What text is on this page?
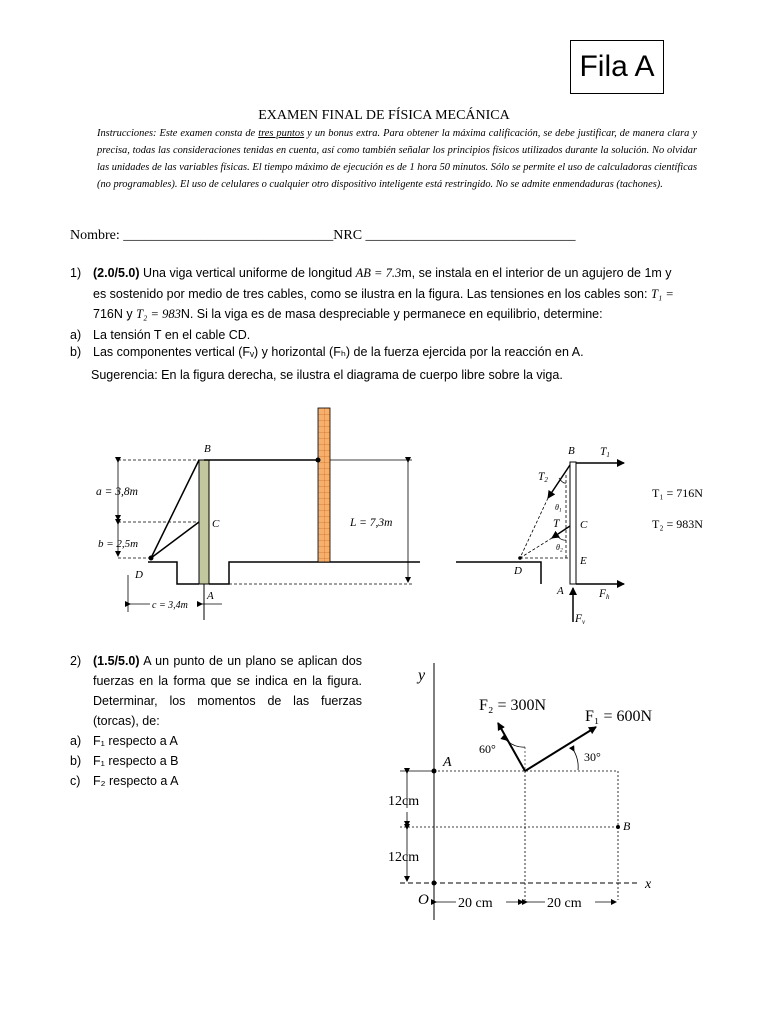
Fila A
EXAMEN FINAL DE FÍSICA MECÁNICA
Instrucciones: Este examen consta de tres puntos y un bonus extra. Para obtener la máxima calificación, se debe justificar, de manera clara y precisa, todas las consideraciones tenidas en cuenta, así como también señalar los principios físicos utilizados durante la solución. No olvidar las unidades de las variables físicas. El tiempo máximo de ejecución es de 1 hora 50 minutos. Sólo se permite el uso de calculadoras científicas (no programables). El uso de celulares o cualquier otro dispositivo inteligente está restringido. No se admite enmendaduras (tachones).
Nombre: ______________________________NRC ______________________________
1) (2.0/5.0) Una viga vertical uniforme de longitud AB = 7.3m, se instala en el interior de un agujero de 1m y
es sostenido por medio de tres cables, como se ilustra en la figura. Las tensiones en los cables son: T₁ =
716N y T₂ = 983N. Si la viga es de masa despreciable y permanece en equilibrio, determine:
a) La tensión T en el cable CD.
b) Las componentes vertical (Fᵥ) y horizontal (Fₕ) de la fuerza ejercida por la reacción en A.
Sugerencia: En la figura derecha, se ilustra el diagrama de cuerpo libre sobre la viga.
B
C
D
A
a = 3,8m
b = 2,5m
c = 3,4m
L = 7,3m
B T1
T2
θ1
T C
θ2
E
D
A	Fh
Fv
T₁ = 716N
T₂ = 983N
y
x
O
A
B
F₂ = 300N
F₁ = 600N
60°
30°
12cm
12cm
20 cm	20 cm
2) (1.5/5.0) A un punto de un plano se aplican dos fuerzas en la forma que se indica en la figura. Determinar, los momentos de las fuerzas (torcas), de:
a) F₁ respecto a A
b) F₁ respecto a B
c) F₂ respecto a A
